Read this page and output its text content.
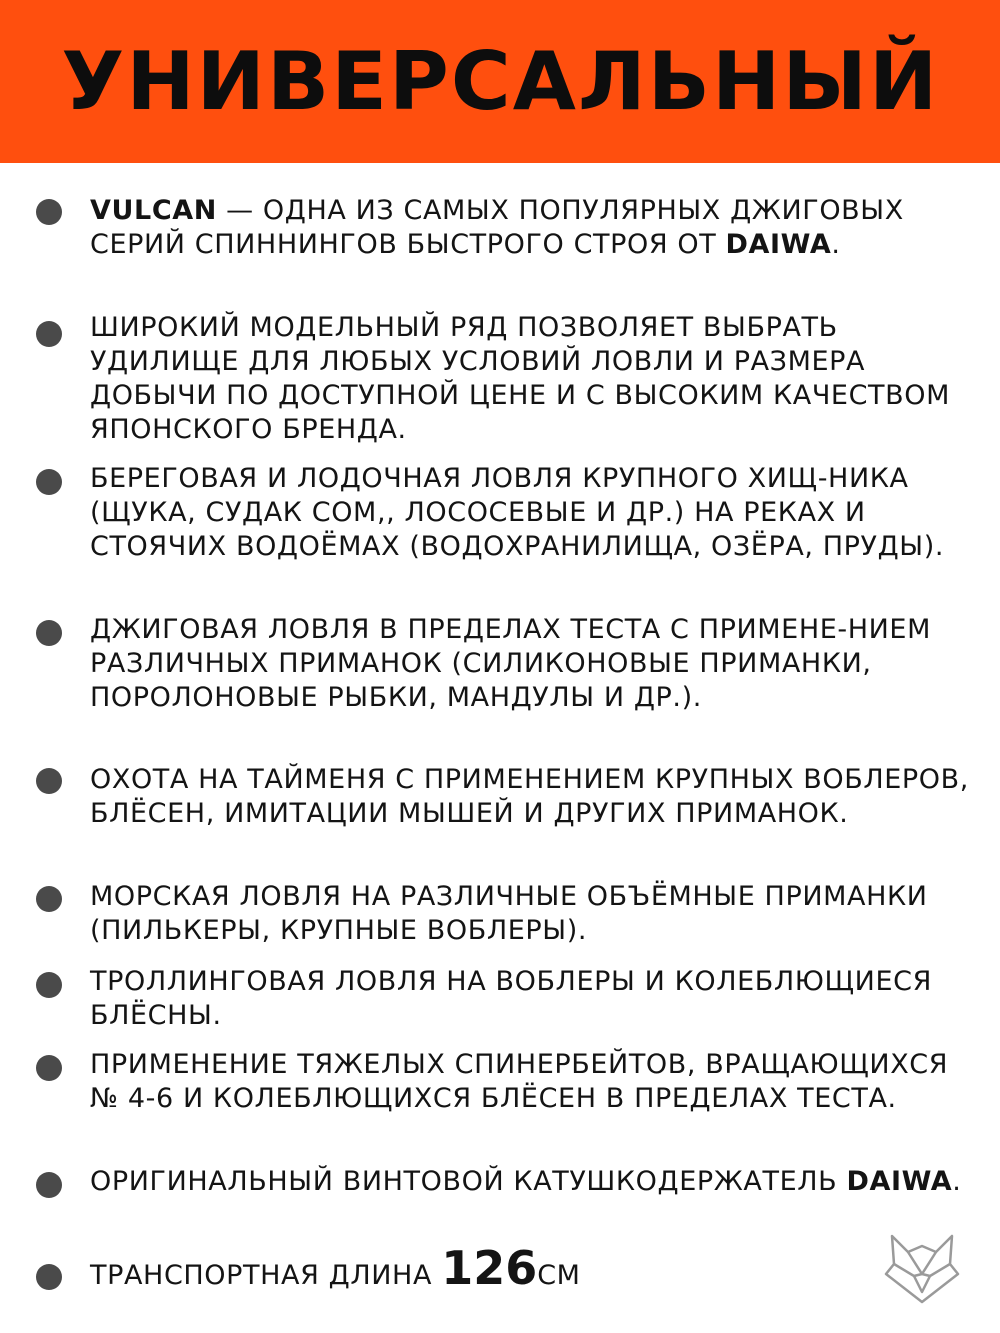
УНИВЕРСАЛЬНЫЙ
VULCAN — ОДНА ИЗ САМЫХ ПОПУЛЯРНЫХ ДЖИГОВЫХ СЕРИЙ СПИННИНГОВ БЫСТРОГО СТРОЯ ОТ DAIWA.
ШИРОКИЙ МОДЕЛЬНЫЙ РЯД ПОЗВОЛЯЕТ ВЫБРАТЬ УДИЛИЩЕ ДЛЯ ЛЮБЫХ УСЛОВИЙ ЛОВЛИ И РАЗМЕРА ДОБЫЧИ ПО ДОСТУПНОЙ ЦЕНЕ И С ВЫСОКИМ КАЧЕСТВОМ ЯПОНСКОГО БРЕНДА.
БЕРЕГОВАЯ И ЛОДОЧНАЯ ЛОВЛЯ КРУПНОГО ХИЩ-НИКА (ЩУКА, СУДАК СОМ,, ЛОСОСЕВЫЕ И ДР.) НА РЕКАХ И СТОЯЧИХ ВОДОЁМАХ (ВОДОХРАНИЛИЩА, ОЗЁРА, ПРУДЫ).
ДЖИГОВАЯ ЛОВЛЯ В ПРЕДЕЛАХ ТЕСТА С ПРИМЕНЕ-НИЕМ РАЗЛИЧНЫХ ПРИМАНОК (СИЛИКОНОВЫЕ ПРИМАНКИ, ПОРОЛОНОВЫЕ РЫБКИ, МАНДУЛЫ И ДР.).
ОХОТА НА ТАЙМЕНЯ С ПРИМЕНЕНИЕМ КРУПНЫХ ВОБЛЕРОВ, БЛЁСЕН, ИМИТАЦИИ МЫШЕЙ И ДРУГИХ ПРИМАНОК.
МОРСКАЯ ЛОВЛЯ НА РАЗЛИЧНЫЕ ОБЪЁМНЫЕ ПРИМАНКИ (ПИЛЬКЕРЫ, КРУПНЫЕ ВОБЛЕРЫ).
ТРОЛЛИНГОВАЯ ЛОВЛЯ НА ВОБЛЕРЫ И КОЛЕБЛЮЩИЕСЯ БЛЁСНЫ.
ПРИМЕНЕНИЕ ТЯЖЕЛЫХ СПИНЕРБЕЙТОВ, ВРАЩАЮЩИХСЯ № 4-6 И КОЛЕБЛЮЩИХСЯ БЛЁСЕН В ПРЕДЕЛАХ ТЕСТА.
ОРИГИНАЛЬНЫЙ ВИНТОВОЙ КАТУШКОДЕРЖАТЕЛЬ DAIWA.
ТРАНСПОРТНАЯ ДЛИНА 126СМ
